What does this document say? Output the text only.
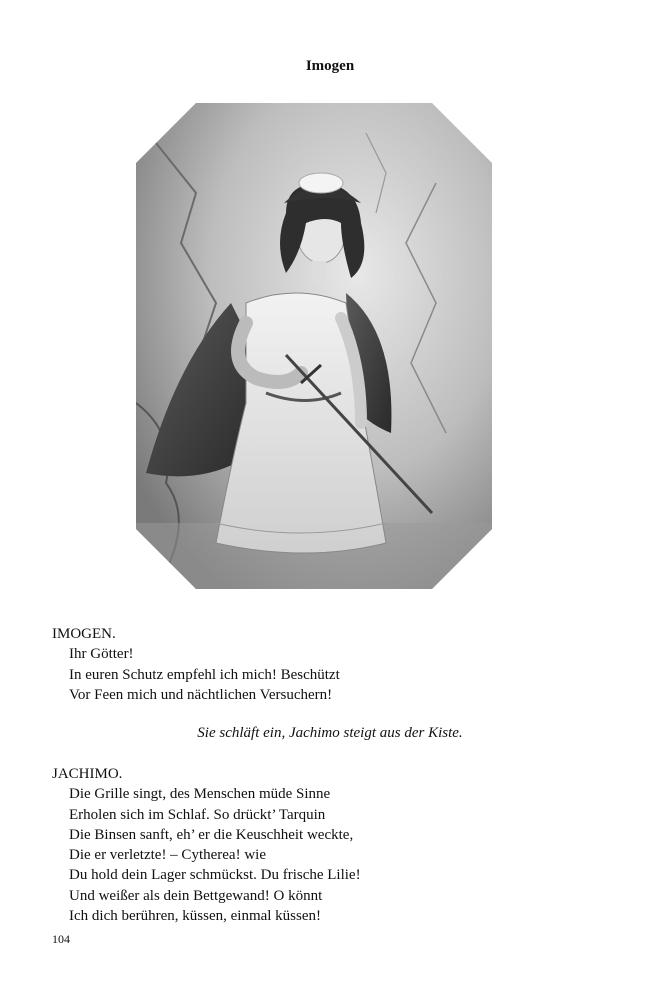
Imogen

IMOGEN.

Ihr Götter!

In euren Schutz empfehl ich mich! Beschützt

Vor Feen mich und nächtlichen Versuchern!

Sie schläft ein, Jachimo steigt aus der Kiste.

JACHIMO.

Die Grille singt, des Menschen müde Sinne

Erholen sich im Schlaf. So drückt’ Tarquin

Die Binsen sanft, eh’ er die Keuschheit weckte,

Die er verletzte! – Cytherea! wie

Du hold dein Lager schmückst. Du frische Lilie!

Und weißer als dein Bettgewand! O könnt

Ich dich berühren, küssen, einmal küssen!

104
